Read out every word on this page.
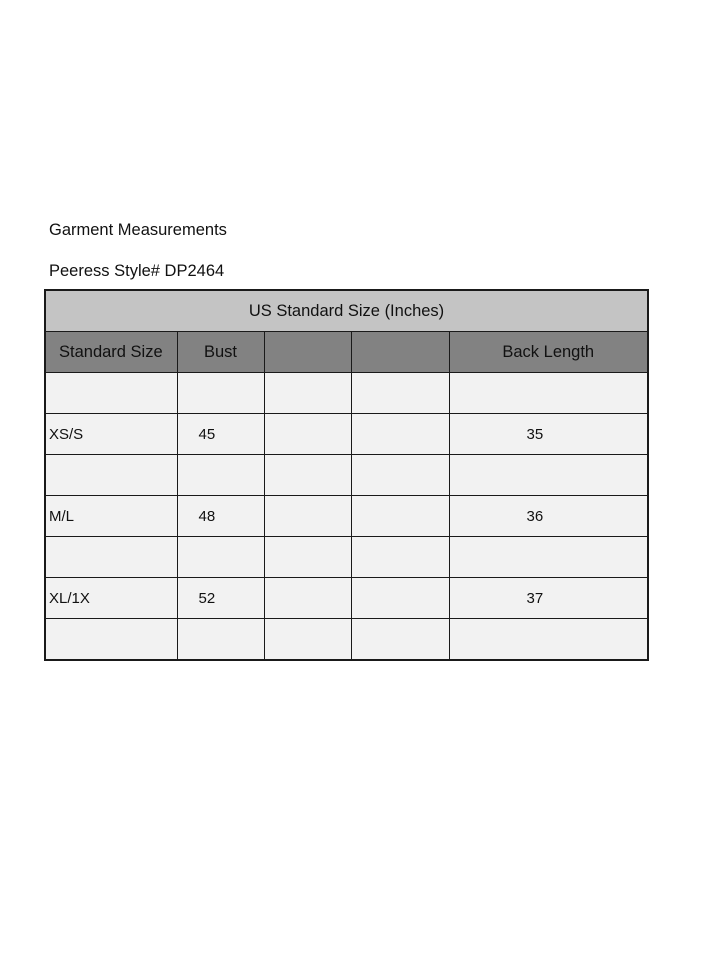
Garment Measurements
Peeress Style# DP2464
US Standard Size (Inches)				
Standard Size	Bust			Back Length

XS/S	45			35

M/L	48			36

XL/1X	52			37
